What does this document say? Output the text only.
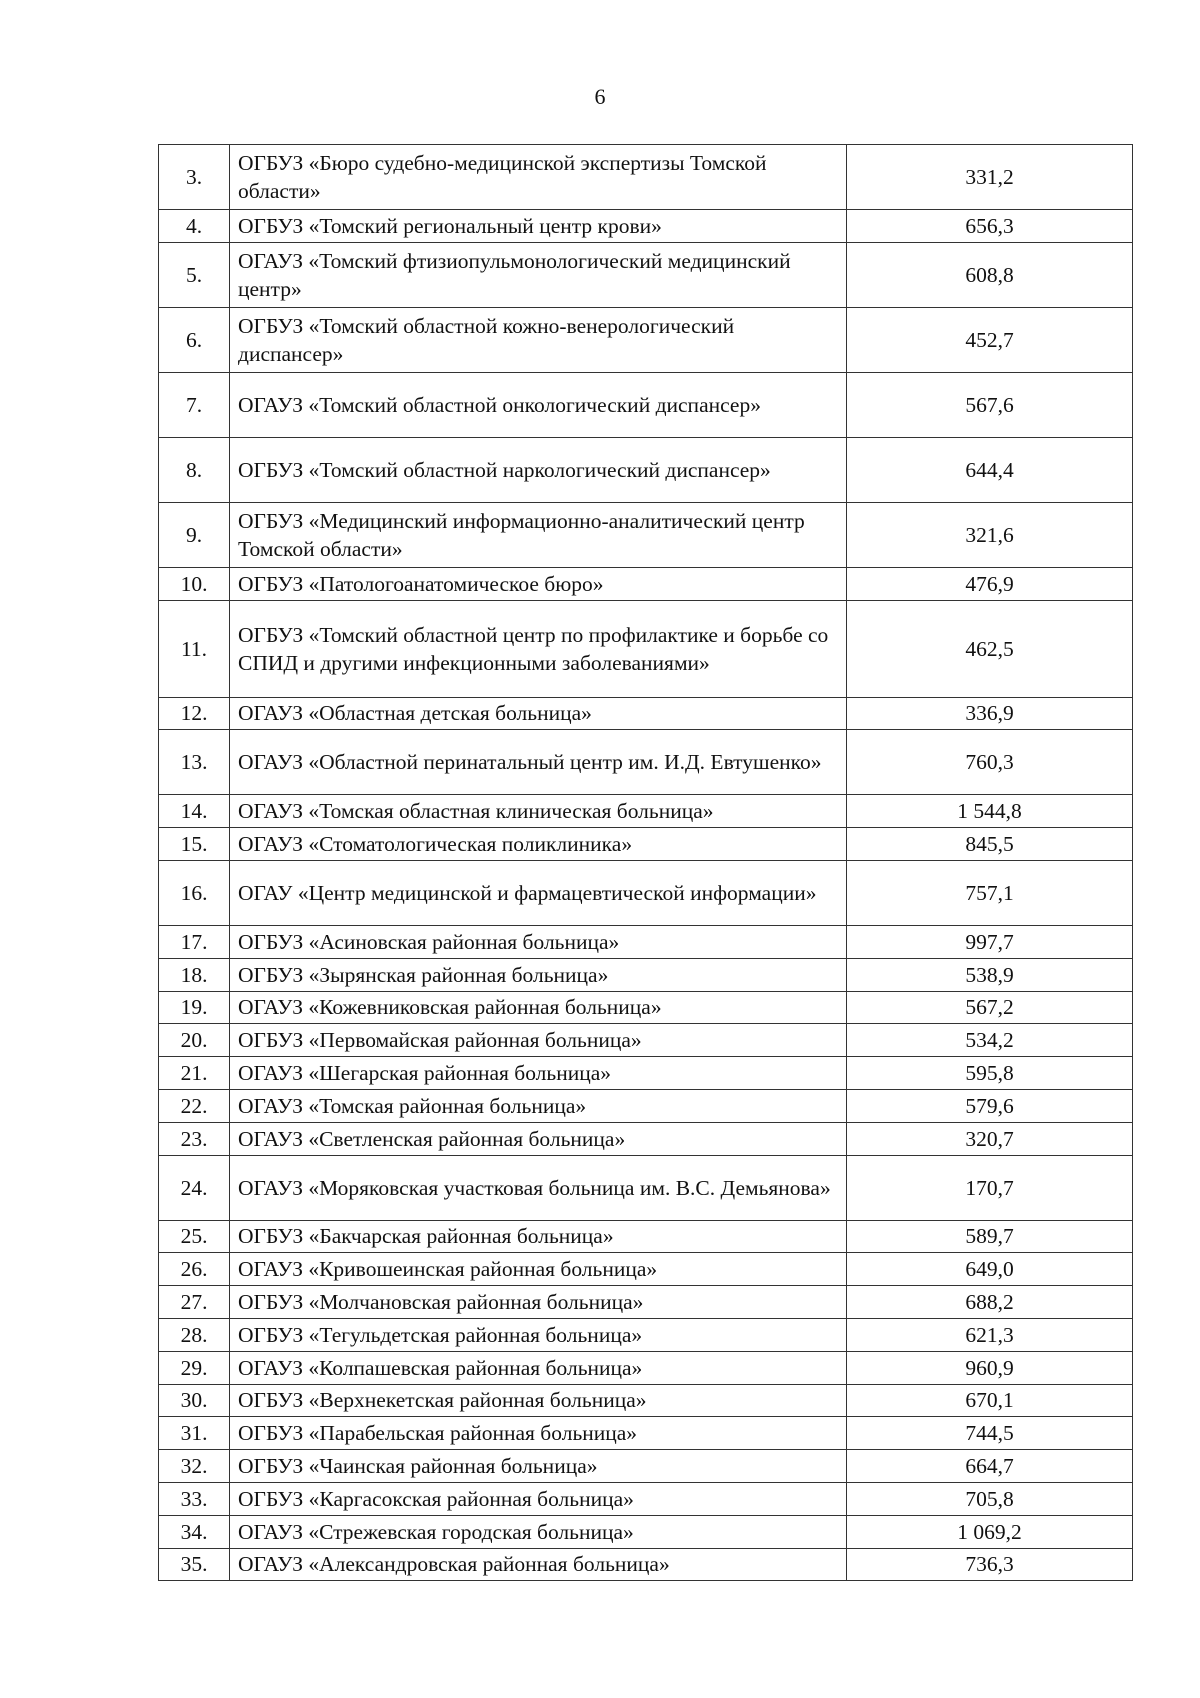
6
3.	ОГБУЗ «Бюро судебно-медицинской экспертизы Томской области»	331,2
4.	ОГБУЗ «Томский региональный центр крови»	656,3
5.	ОГАУЗ «Томский фтизиопульмонологический медицинский центр»	608,8
6.	ОГБУЗ «Томский областной кожно-венерологический диспансер»	452,7
7.	ОГАУЗ «Томский областной онкологический диспансер»	567,6
8.	ОГБУЗ «Томский областной наркологический диспансер»	644,4
9.	ОГБУЗ «Медицинский информационно-аналитический центр Томской области»	321,6
10.	ОГБУЗ «Патологоанатомическое бюро»	476,9
11.	ОГБУЗ «Томский областной центр по профилактике и борьбе со СПИД и другими инфекционными заболеваниями»	462,5
12.	ОГАУЗ «Областная детская больница»	336,9
13.	ОГАУЗ «Областной перинатальный центр им. И.Д. Евтушенко»	760,3
14.	ОГАУЗ «Томская областная клиническая больница»	1 544,8
15.	ОГАУЗ «Стоматологическая поликлиника»	845,5
16.	ОГАУ «Центр медицинской и фармацевтической информации»	757,1
17.	ОГБУЗ «Асиновская районная больница»	997,7
18.	ОГБУЗ «Зырянская районная больница»	538,9
19.	ОГАУЗ «Кожевниковская районная больница»	567,2
20.	ОГБУЗ «Первомайская районная больница»	534,2
21.	ОГАУЗ «Шегарская районная больница»	595,8
22.	ОГАУЗ «Томская районная больница»	579,6
23.	ОГАУЗ «Светленская районная больница»	320,7
24.	ОГАУЗ «Моряковская участковая больница им. В.С. Демьянова»	170,7
25.	ОГБУЗ «Бакчарская районная больница»	589,7
26.	ОГАУЗ «Кривошеинская районная больница»	649,0
27.	ОГБУЗ «Молчановская районная больница»	688,2
28.	ОГБУЗ «Тегульдетская районная больница»	621,3
29.	ОГАУЗ «Колпашевская районная больница»	960,9
30.	ОГБУЗ «Верхнекетская районная больница»	670,1
31.	ОГБУЗ «Парабельская районная больница»	744,5
32.	ОГБУЗ «Чаинская районная больница»	664,7
33.	ОГБУЗ «Каргасокская районная больница»	705,8
34.	ОГАУЗ «Стрежевская городская больница»	1 069,2
35.	ОГАУЗ «Александровская районная больница»	736,3
